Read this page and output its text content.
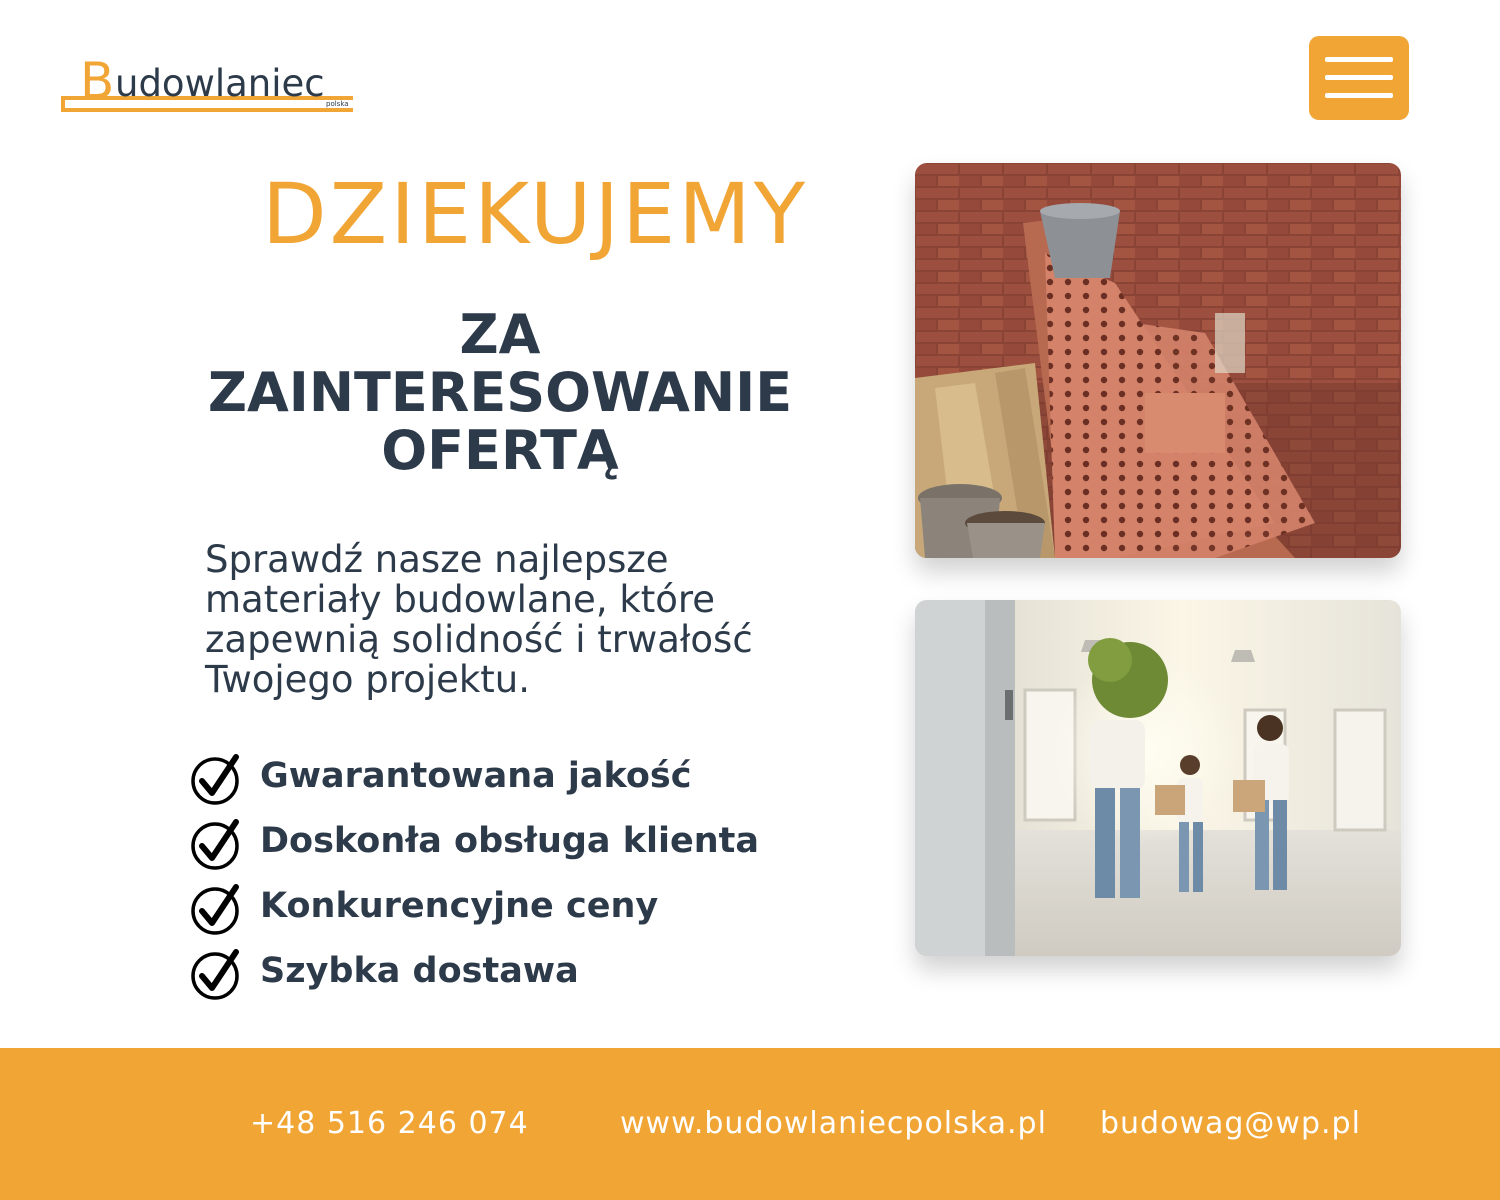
B udowlaniec polska
DZIEKUJEMY
ZA
ZAINTERESOWANIE
OFERTĄ

Sprawdź nasze najlepsze materiały budowlane, które zapewnią solidność i trwałość Twojego projektu.

Gwarantowana jakość
Doskonła obsługa klienta
Konkurencyjne ceny
Szybka dostawa
+48 516 246 074	www.budowlaniecpolska.pl budowag@wp.pl
